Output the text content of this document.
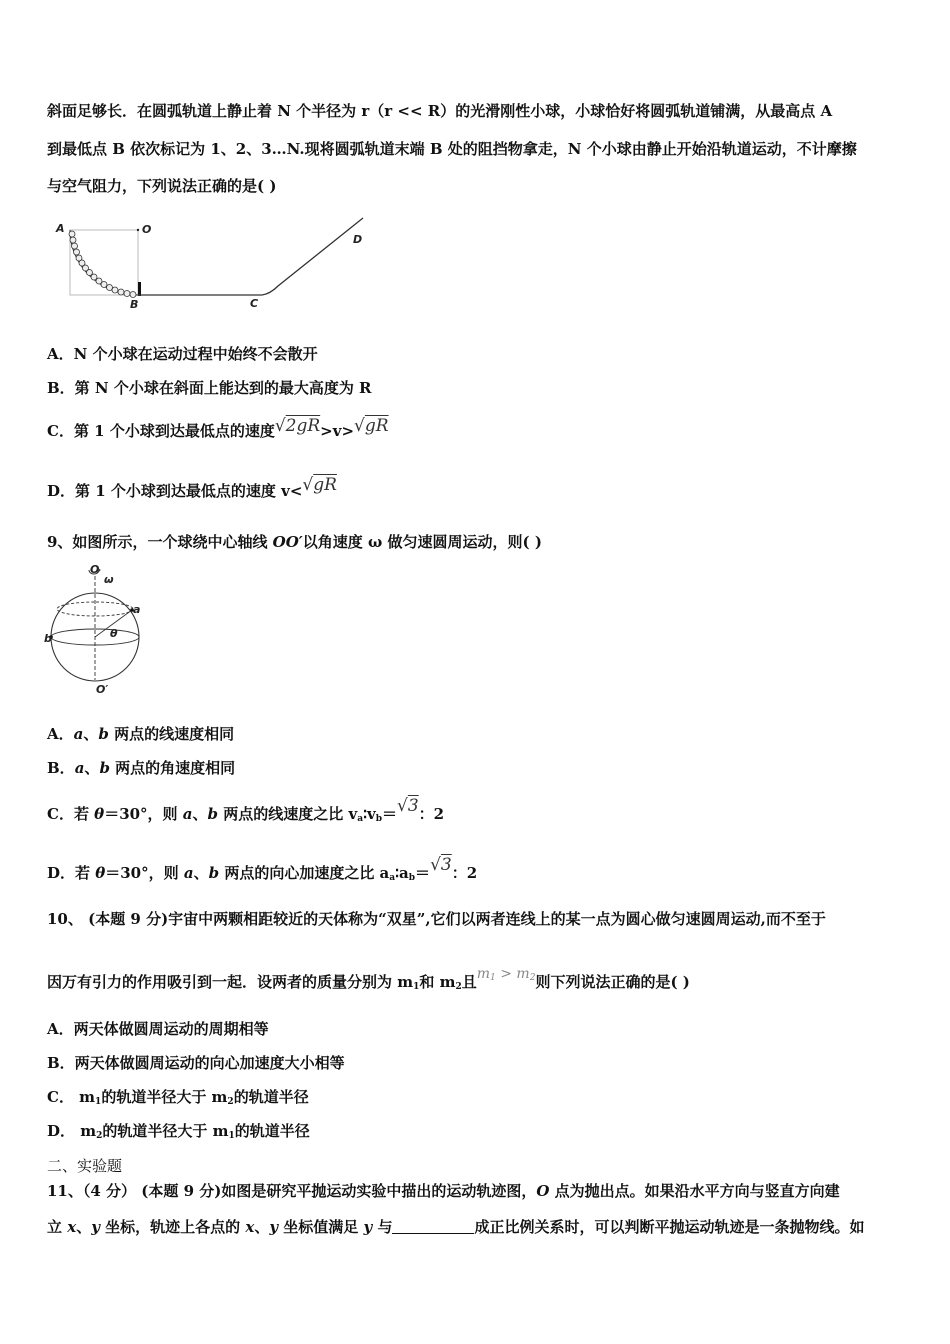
斜面足够长．在圆弧轨道上静止着 N 个半径为 r（r << R）的光滑刚性小球，小球恰好将圆弧轨道铺满，从最高点 A
到最低点 B 依次标记为 1、2、3…N.现将圆弧轨道末端 B 处的阻挡物拿走，N 个小球由静止开始沿轨道运动，不计摩擦
与空气阻力，下列说法正确的是( )
A	O
B	C
D
A．N 个小球在运动过程中始终不会散开
B．第 N 个小球在斜面上能达到的最大高度为 R
C．第 1 个小球到达最低点的速度√2gR>v>√gR
D．第 1 个小球到达最低点的速度 v<√gR
9、如图所示，一个球绕中心轴线 OO′以角速度 ω 做匀速圆周运动，则( )
O
ω
a
θ
b
O′
A．a、b 两点的线速度相同
B．a、b 两点的角速度相同
C．若 θ＝30°，则 a、b 两点的线速度之比 $v_a∶v_b=√3$：2
D．若 θ＝30°，则 a、b 两点的向心加速度之比 $a_a∶a_b=√3$：2
10、 (本题 9 分)宇宙中两颗相距较近的天体称为“双星”,它们以两者连线上的某一点为圆心做匀速圆周运动,而不至于
因万有引力的作用吸引到一起．设两者的质量分别为 $m_1$和 $m_2$且$m_1 > m_2$则下列说法正确的是( )
A．两天体做圆周运动的周期相等
B．两天体做圆周运动的向心加速度大小相等
C． $m_1$的轨道半径大于 $m_2$的轨道半径
D． $m_2$的轨道半径大于 $m_1$的轨道半径
二、实验题
11、（4 分） (本题 9 分)如图是研究平抛运动实验中描出的运动轨迹图，O 点为抛出点。如果沿水平方向与竖直方向建
立 x、y 坐标，轨迹上各点的 x、y 坐标值满足 y 与	成正比例关系时，可以判断平抛运动轨迹是一条抛物线。如
